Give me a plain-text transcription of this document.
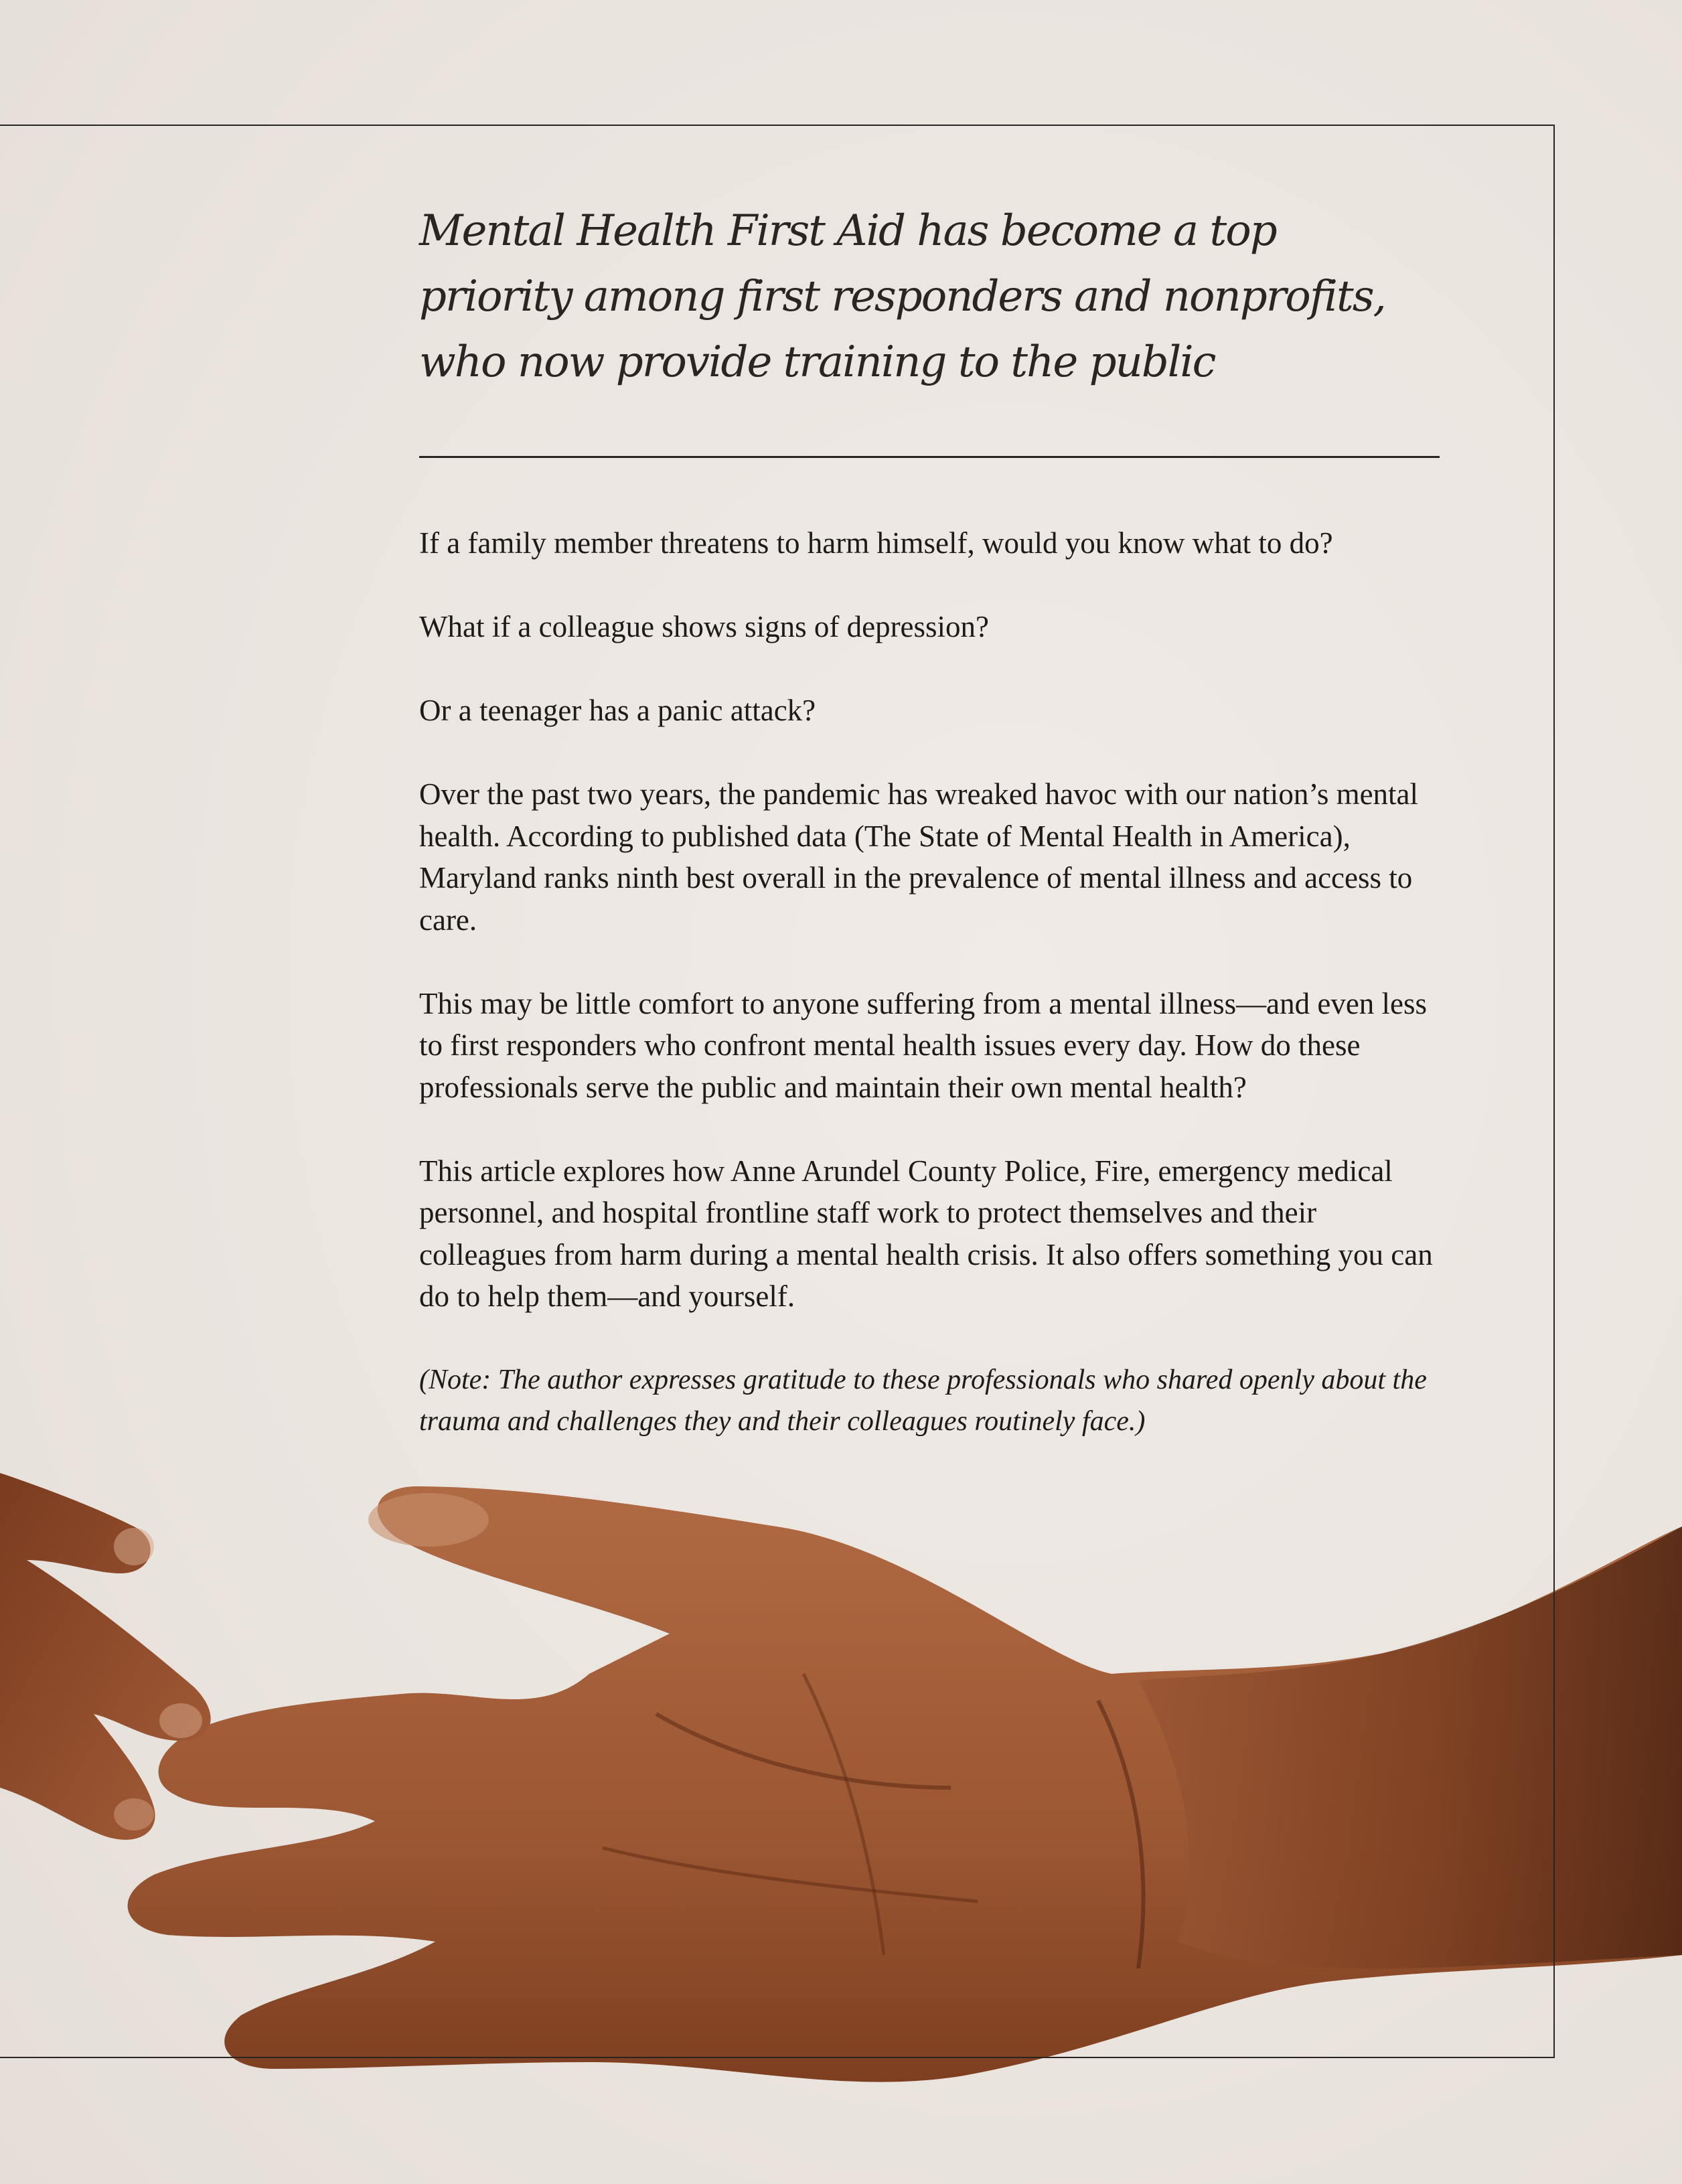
Mental Health First Aid has become a top priority among first responders and nonprofits, who now provide training to the public

If a family member threatens to harm himself, would you know what to do?

What if a colleague shows signs of depression?

Or a teenager has a panic attack?

Over the past two years, the pandemic has wreaked havoc with our nation’s mental health. According to published data (The State of Mental Health in America), Maryland ranks ninth best overall in the prevalence of mental illness and access to care.

This may be little comfort to anyone suffering from a mental illness—and even less to first responders who confront mental health issues every day. How do these professionals serve the public and maintain their own mental health?

This article explores how Anne Arundel County Police, Fire, emergency medical personnel, and hospital frontline staff work to protect themselves and their colleagues from harm during a mental health crisis. It also offers something you can do to help them—and yourself.

(Note: The author expresses gratitude to these professionals who shared openly about the trauma and challenges they and their colleagues routinely face.)
